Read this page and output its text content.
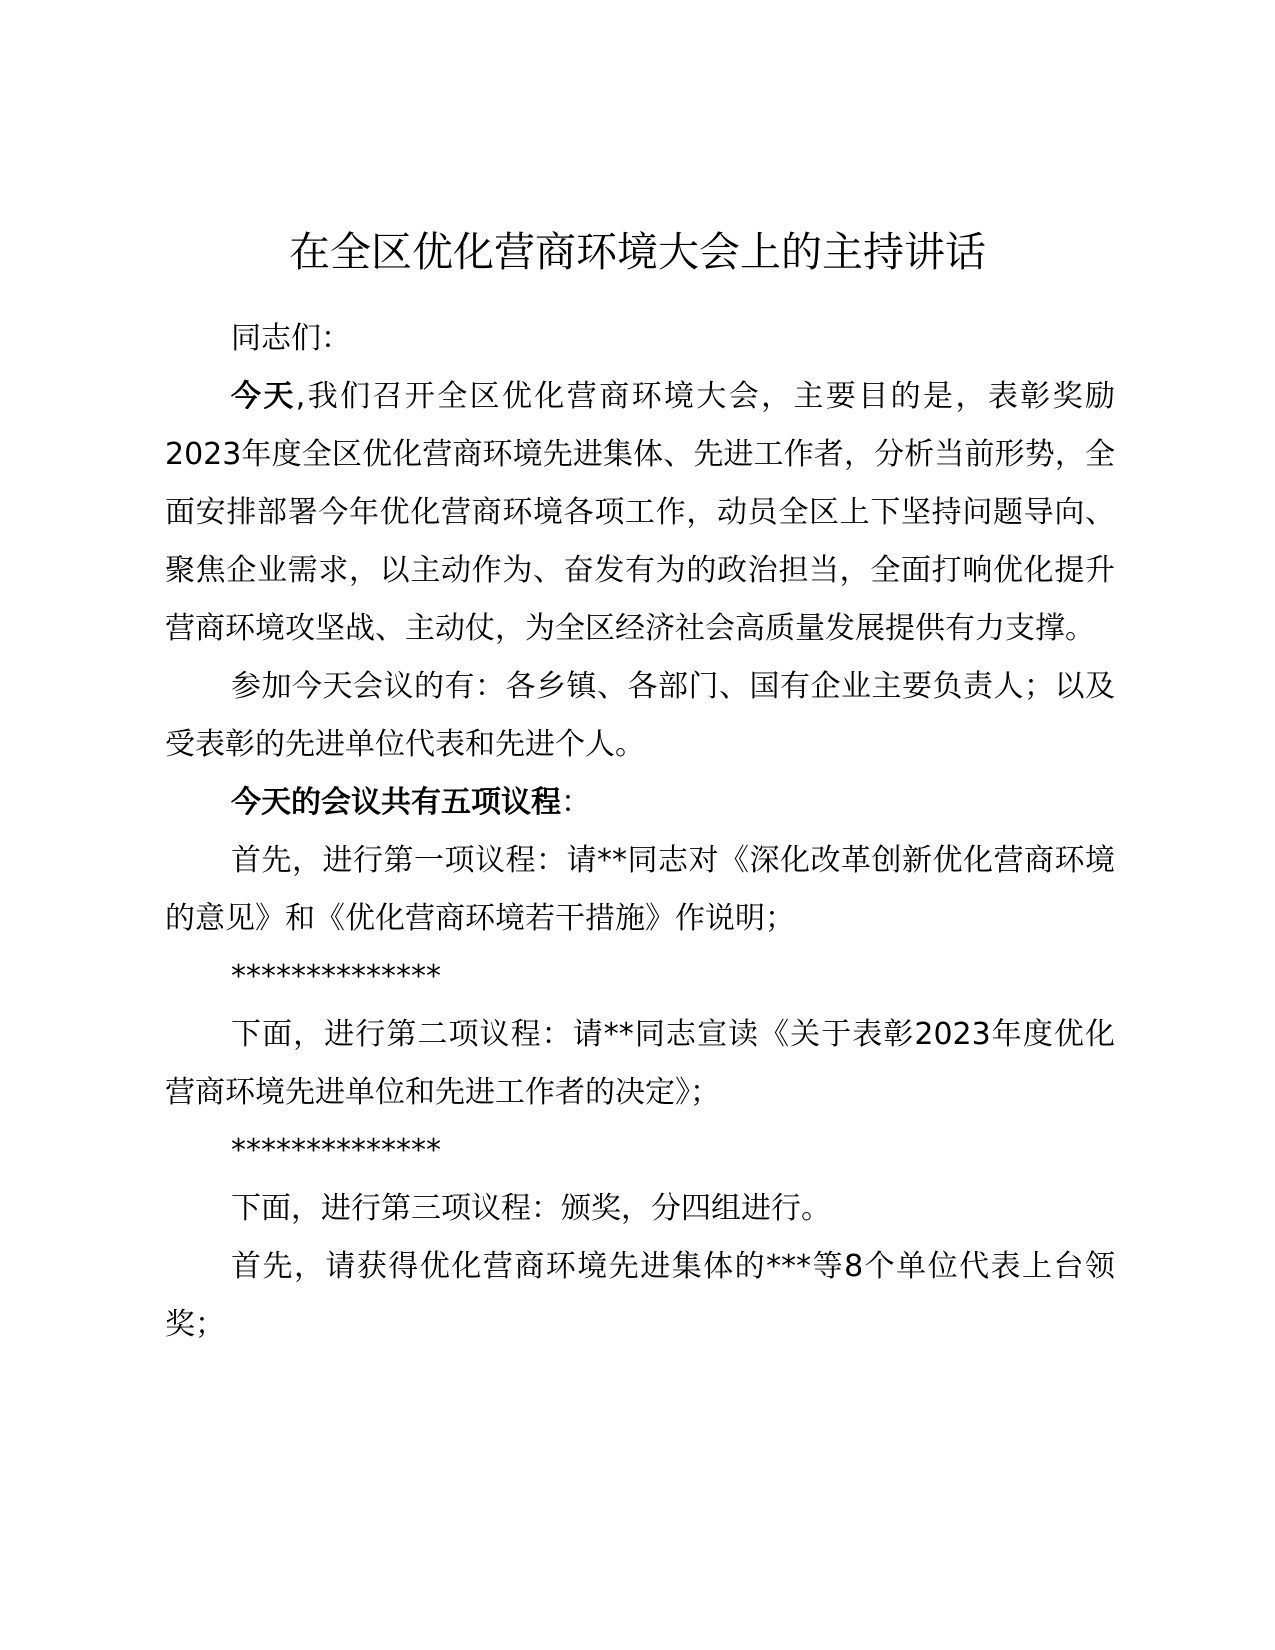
在全区优化营商环境大会上的主持讲话

同志们：

今天,我们召开全区优化营商环境大会，主要目的是，表彰奖励2023年度全区优化营商环境先进集体、先进工作者，分析当前形势，全面安排部署今年优化营商环境各项工作，动员全区上下坚持问题导向、聚焦企业需求，以主动作为、奋发有为的政治担当，全面打响优化提升营商环境攻坚战、主动仗，为全区经济社会高质量发展提供有力支撑。

参加今天会议的有：各乡镇、各部门、国有企业主要负责人；以及受表彰的先进单位代表和先进个人。

今天的会议共有五项议程：

首先，进行第一项议程：请**同志对《深化改革创新优化营商环境的意见》和《优化营商环境若干措施》作说明；

**************

下面，进行第二项议程：请**同志宣读《关于表彰2023年度优化营商环境先进单位和先进工作者的决定》；

**************

下面，进行第三项议程：颁奖，分四组进行。

首先，请获得优化营商环境先进集体的***等8个单位代表上台领奖；
